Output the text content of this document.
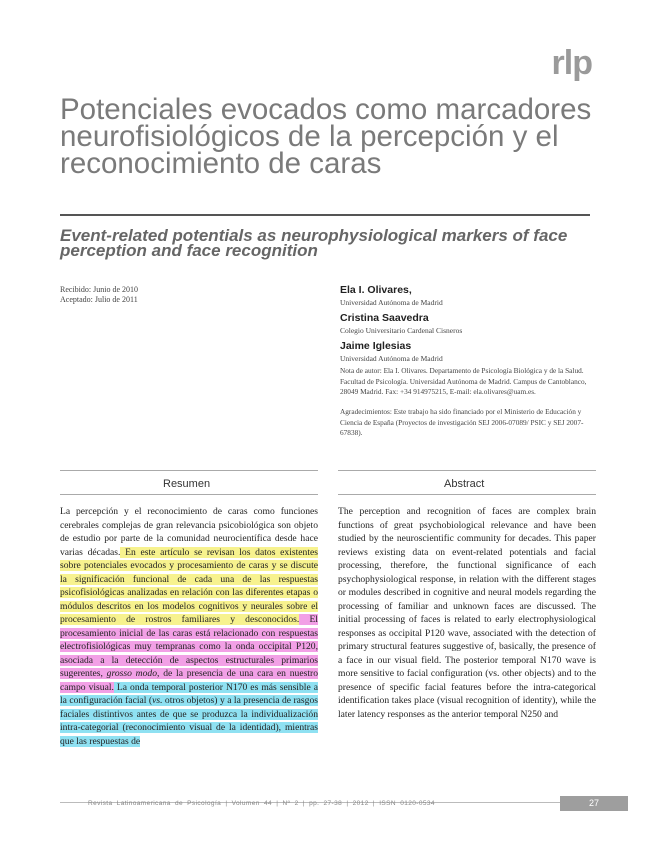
rlp
Potenciales evocados como marcadores neurofisiológicos de la percepción y el reconocimiento de caras
Event-related potentials as neurophysiological markers of face perception and face recognition
Recibido: Junio de 2010
Aceptado: Julio de 2011
Ela I. Olivares,
Universidad Autónoma de Madrid
Cristina Saavedra
Colegio Universitario Cardenal Cisneros
Jaime Iglesias
Universidad Autónoma de Madrid
Nota de autor: Ela I. Olivares. Departamento de Psicología Biológica y de la Salud. Facultad de Psicología. Universidad Autónoma de Madrid. Campus de Cantoblanco, 28049 Madrid. Fax: +34 914975215, E-mail: ela.olivares@uam.es.
Agradecimientos: Este trabajo ha sido financiado por el Ministerio de Educación y Ciencia de España (Proyectos de investigación SEJ 2006-07089/ PSIC y SEJ 2007-67838).
Resumen	Abstract
La percepción y el reconocimiento de caras como funciones cerebrales complejas de gran relevancia psicobiológica son objeto de estudio por parte de la comunidad neurocientífica desde hace varias décadas. En este artículo se revisan los datos existentes sobre potenciales evocados y procesamiento de caras y se discute la significación funcional de cada una de las respuestas psicofisiológicas analizadas en relación con las diferentes etapas o módulos descritos en los modelos cognitivos y neurales sobre el procesamiento de rostros familiares y desconocidos. El procesamiento inicial de las caras está relacionado con respuestas electrofisiológicas muy tempranas como la onda occipital P120, asociada a la detección de aspectos estructurales primarios sugerentes, grosso modo, de la presencia de una cara en nuestro campo visual. La onda temporal posterior N170 es más sensible a la configuración facial (vs. otros objetos) y a la presencia de rasgos faciales distintivos antes de que se produzca la individualización intra-categorial (reconocimiento visual de la identidad), mientras que las respuestas de
The perception and recognition of faces are complex brain functions of great psychobiological relevance and have been studied by the neuroscientific community for decades. This paper reviews existing data on event-related potentials and facial processing, therefore, the functional significance of each psychophysiological response, in relation with the different stages or modules described in cognitive and neural models regarding the processing of familiar and unknown faces are discussed. The initial processing of faces is related to early electrophysiological responses as occipital P120 wave, associated with the detection of primary structural features suggestive of, basically, the presence of a face in our visual field. The posterior temporal N170 wave is more sensitive to facial configuration (vs. other objects) and to the presence of specific facial features before the intra-categorical identification takes place (visual recognition of identity), while the later latency responses as the anterior temporal N250 and
Revista Latinoamericana de Psicología | Volumen 44 | Nº 2 | pp. 27-38 | 2012 | ISSN 0120-0534	27
